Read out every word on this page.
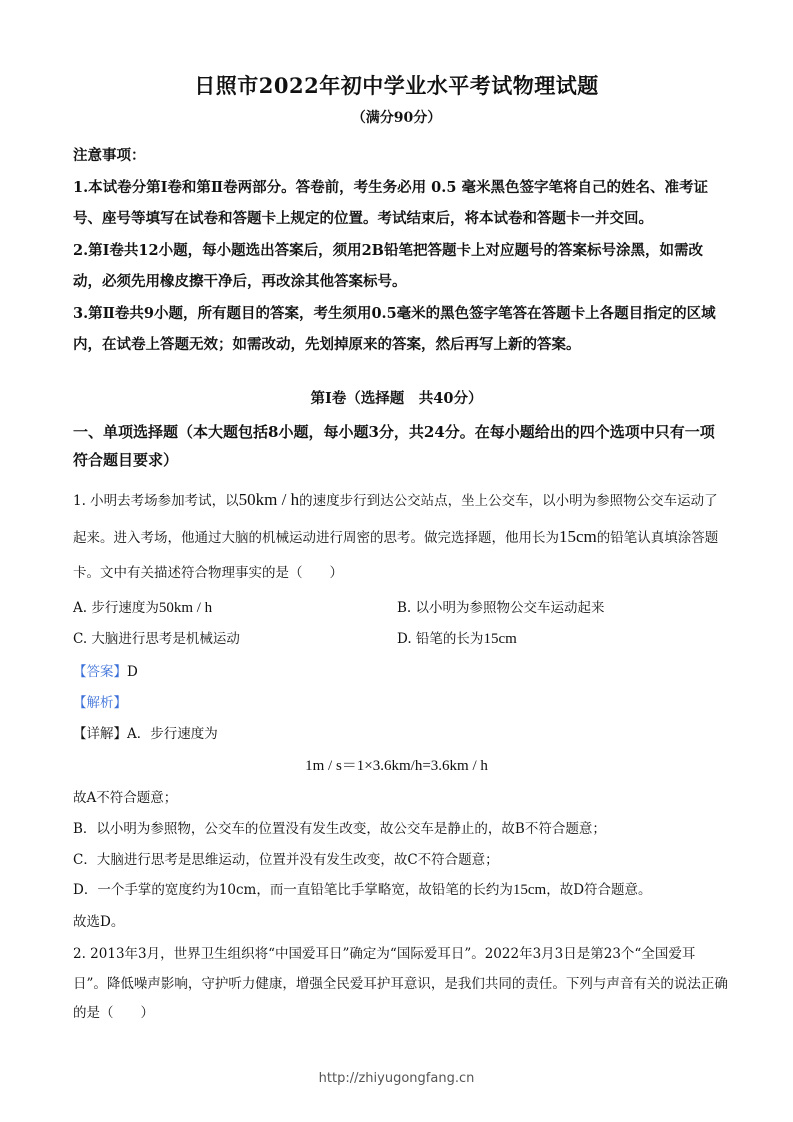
日照市2022年初中学业水平考试物理试题
（满分90分）

注意事项：

1.本试卷分第Ⅰ卷和第Ⅱ卷两部分。答卷前，考生务必用 0.5 毫米黑色签字笔将自己的姓名、准考证号、座号等填写在试卷和答题卡上规定的位置。考试结束后，将本试卷和答题卡一并交回。

2.第Ⅰ卷共12小题，每小题选出答案后，须用2B铅笔把答题卡上对应题号的答案标号涂黑，如需改动，必须先用橡皮擦干净后，再改涂其他答案标号。

3.第Ⅱ卷共9小题，所有题目的答案，考生须用0.5毫米的黑色签字笔答在答题卡上各题目指定的区域内，在试卷上答题无效；如需改动，先划掉原来的答案，然后再写上新的答案。

第Ⅰ卷（选择题　共40分）
一、单项选择题（本大题包括8小题，每小题3分，共24分。在每小题给出的四个选项中只有一项符合题目要求）
1. 小明去考场参加考试，以50km / h的速度步行到达公交站点，坐上公交车，以小明为参照物公交车运动了起来。进入考场，他通过大脑的机械运动进行周密的思考。做完选择题，他用长为15cm的铅笔认真填涂答题卡。文中有关描述符合物理事实的是（　　）
A. 步行速度为50km / h	B. 以小明为参照物公交车运动起来
C. 大脑进行思考是机械运动	D. 铅笔的长为15cm
【答案】D
【解析】
【详解】A．步行速度为
1m / s＝1×3.6km/h=3.6km / h
故A不符合题意；
B．以小明为参照物，公交车的位置没有发生改变，故公交车是静止的，故B不符合题意；
C．大脑进行思考是思维运动，位置并没有发生改变，故C不符合题意；
D．一个手掌的宽度约为10cm，而一直铅笔比手掌略宽，故铅笔的长约为15cm，故D符合题意。
故选D。
2. 2013年3月，世界卫生组织将“中国爱耳日”确定为“国际爱耳日”。2022年3月3日是第23个“全国爱耳日”。降低噪声影响，守护听力健康，增强全民爱耳护耳意识，是我们共同的责任。下列与声音有关的说法正确的是（　　）
http://zhiyugongfang.cn
